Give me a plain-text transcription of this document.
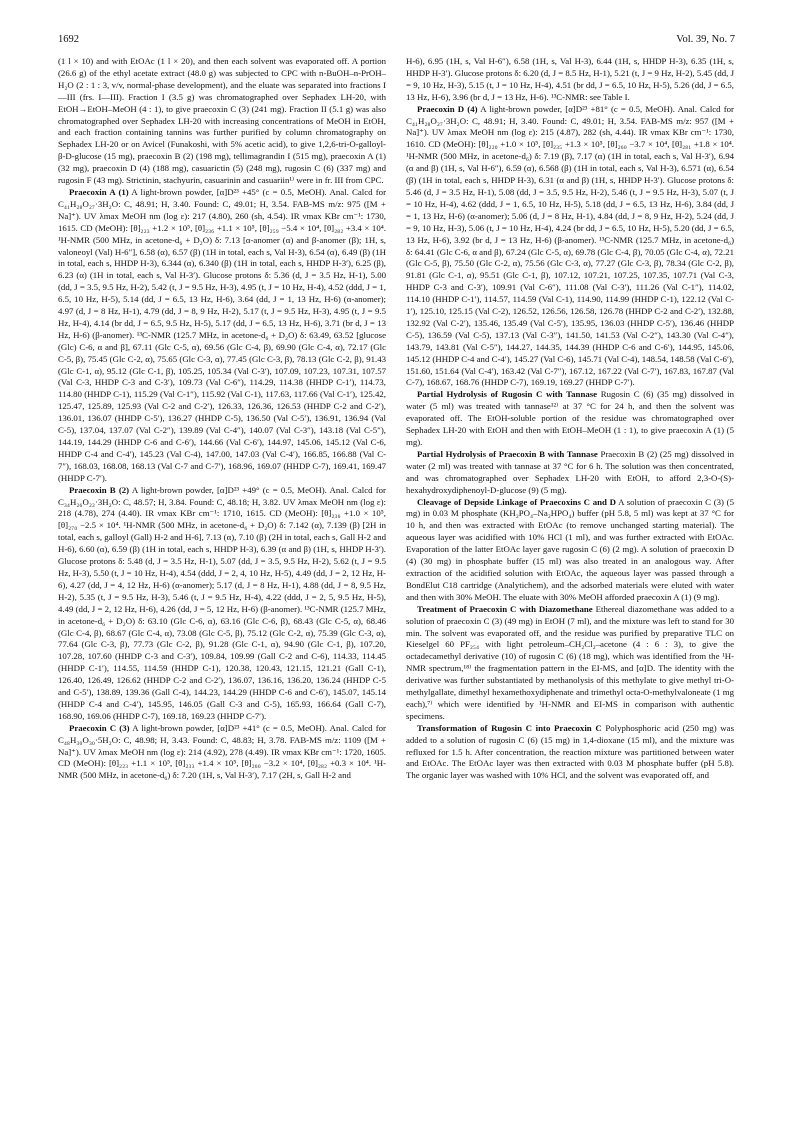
1692	Vol. 39, No. 7

(1 l × 10) and with EtOAc (1 l × 20), and then each solvent was evaporated off. A portion (26.6 g) of the ethyl acetate extract (48.0 g) was subjected to CPC with n-BuOH–n-PrOH–H₂O (2 : 1 : 3, v/v, normal-phase development), and the eluate was separated into fractions I—III (frs. I—III). Fraction I (3.5 g) was chromatographed over Sephadex LH-20, with EtOH→EtOH–MeOH (4 : 1), to give praecoxin C (3) (241 mg). Fraction II (5.1 g) was also chromatographed over Sephadex LH-20 with increasing concentrations of MeOH in EtOH, and each fraction containing tannins was further purified by column chromatography on Sephadex LH-20 or on Avicel (Funakoshi, with 5% acetic acid), to give 1,2,6-tri-O-galloyl-β-D-glucose (15 mg), praecoxin B (2) (198 mg), tellimagrandin I (515 mg), praecoxin A (1) (32 mg), praecoxin D (4) (188 mg), casuarictin (5) (248 mg), rugosin C (6) (337 mg) and rugosin F (43 mg). Strictinin, stachyurin, casuarinin and casuariin¹⁾ were in fr. III from CPC.

Praecoxin A (1) A light-brown powder, [α]D²³ +45° (c = 0.5, MeOH). Anal. Calcd for C₄₁H₂₈O₂₇·3H₂O: C, 48.91; H, 3.40. Found: C, 49.01; H, 3.54. FAB-MS m/z: 975 ([M + Na]⁺). UV λmax MeOH nm (log ε): 217 (4.80), 260 (sh, 4.54). IR νmax KBr cm⁻¹: 1730, 1615. CD (MeOH): [θ]₂₂₃ +1.2 × 10⁵, [θ]₂₃₆ +1.1 × 10⁵, [θ]₂₅₉ −5.4 × 10⁴, [θ]₂₈₂ +3.4 × 10⁴. ¹H-NMR (500 MHz, in acetone-d₆ + D₂O) δ: 7.13 [α-anomer (α) and β-anomer (β); 1H, s, valoneoyl (Val) H-6″], 6.58 (α), 6.57 (β) (1H in total, each s, Val H-3), 6.54 (α), 6.49 (β) (1H in total, each s, HHDP H-3), 6.344 (α), 6.340 (β) (1H in total, each s, HHDP H-3′), 6.25 (β), 6.23 (α) (1H in total, each s, Val H-3′). Glucose protons δ: 5.36 (d, J = 3.5 Hz, H-1), 5.00 (dd, J = 3.5, 9.5 Hz, H-2), 5.42 (t, J = 9.5 Hz, H-3), 4.95 (t, J = 10 Hz, H-4), 4.52 (ddd, J = 1, 6.5, 10 Hz, H-5), 5.14 (dd, J = 6.5, 13 Hz, H-6), 3.64 (dd, J = 1, 13 Hz, H-6) (α-anomer); 4.97 (d, J = 8 Hz, H-1), 4.79 (dd, J = 8, 9 Hz, H-2), 5.17 (t, J = 9.5 Hz, H-3), 4.95 (t, J = 9.5 Hz, H-4), 4.14 (br dd, J = 6.5, 9.5 Hz, H-5), 5.17 (dd, J = 6.5, 13 Hz, H-6), 3.71 (br d, J = 13 Hz, H-6) (β-anomer). ¹³C-NMR (125.7 MHz, in acetone-d₆ + D₂O) δ: 63.49, 63.52 [glucose (Glc) C-6, α and β], 67.11 (Glc C-5, α), 69.56 (Glc C-4, β), 69.90 (Glc C-4, α), 72.17 (Glc C-5, β), 75.45 (Glc C-2, α), 75.65 (Glc C-3, α), 77.45 (Glc C-3, β), 78.13 (Glc C-2, β), 91.43 (Glc C-1, α), 95.12 (Glc C-1, β), 105.25, 105.34 (Val C-3′), 107.09, 107.23, 107.31, 107.57 (Val C-3, HHDP C-3 and C-3′), 109.73 (Val C-6″), 114.29, 114.38 (HHDP C-1′), 114.73, 114.80 (HHDP C-1), 115.29 (Val C-1″), 115.92 (Val C-1), 117.63, 117.66 (Val C-1′), 125.42, 125.47, 125.89, 125.93 (Val C-2 and C-2′), 126.33, 126.36, 126.53 (HHDP C-2 and C-2′), 136.01, 136.07 (HHDP C-5′), 136.27 (HHDP C-5), 136.50 (Val C-5′), 136.91, 136.94 (Val C-5), 137.04, 137.07 (Val C-2″), 139.89 (Val C-4″), 140.07 (Val C-3″), 143.18 (Val C-5″), 144.19, 144.29 (HHDP C-6 and C-6′), 144.66 (Val C-6′), 144.97, 145.06, 145.12 (Val C-6, HHDP C-4 and C-4′), 145.23 (Val C-4), 147.00, 147.03 (Val C-4′), 166.85, 166.88 (Val C-7″), 168.03, 168.08, 168.13 (Val C-7 and C-7′), 168.96, 169.07 (HHDP C-7), 169.41, 169.47 (HHDP C-7′).

Praecoxin B (2) A light-brown powder, [α]D²³ +49° (c = 0.5, MeOH). Anal. Calcd for C₃₄H₂₆O₂₂·3H₂O: C, 48.57; H, 3.84. Found: C, 48.18; H, 3.82. UV λmax MeOH nm (log ε): 218 (4.78), 274 (4.40). IR νmax KBr cm⁻¹: 1710, 1615. CD (MeOH): [θ]₂₃₆ +1.0 × 10⁵, [θ]₂₇₀ −2.5 × 10⁴. ¹H-NMR (500 MHz, in acetone-d₆ + D₂O) δ: 7.142 (α), 7.139 (β) [2H in total, each s, galloyl (Gall) H-2 and H-6], 7.13 (α), 7.10 (β) (2H in total, each s, Gall H-2 and H-6), 6.60 (α), 6.59 (β) (1H in total, each s, HHDP H-3), 6.39 (α and β) (1H, s, HHDP H-3′). Glucose protons δ: 5.48 (d, J = 3.5 Hz, H-1), 5.07 (dd, J = 3.5, 9.5 Hz, H-2), 5.62 (t, J = 9.5 Hz, H-3), 5.50 (t, J = 10 Hz, H-4), 4.54 (ddd, J = 2, 4, 10 Hz, H-5), 4.49 (dd, J = 2, 12 Hz, H-6), 4.27 (dd, J = 4, 12 Hz, H-6) (α-anomer); 5.17 (d, J = 8 Hz, H-1), 4.88 (dd, J = 8, 9.5 Hz, H-2), 5.35 (t, J = 9.5 Hz, H-3), 5.46 (t, J = 9.5 Hz, H-4), 4.22 (ddd, J = 2, 5, 9.5 Hz, H-5), 4.49 (dd, J = 2, 12 Hz, H-6), 4.26 (dd, J = 5, 12 Hz, H-6) (β-anomer). ¹³C-NMR (125.7 MHz, in acetone-d₆ + D₂O) δ: 63.10 (Glc C-6, α), 63.16 (Glc C-6, β), 68.43 (Glc C-5, α), 68.46 (Glc C-4, β), 68.67 (Glc C-4, α), 73.08 (Glc C-5, β), 75.12 (Glc C-2, α), 75.39 (Glc C-3, α), 77.64 (Glc C-3, β), 77.73 (Glc C-2, β), 91.28 (Glc C-1, α), 94.90 (Glc C-1, β), 107.20, 107.28, 107.60 (HHDP C-3 and C-3′), 109.84, 109.99 (Gall C-2 and C-6), 114.33, 114.45 (HHDP C-1′), 114.55, 114.59 (HHDP C-1), 120.38, 120.43, 121.15, 121.21 (Gall C-1), 126.40, 126.49, 126.62 (HHDP C-2 and C-2′), 136.07, 136.16, 136.20, 136.24 (HHDP C-5 and C-5′), 138.89, 139.36 (Gall C-4), 144.23, 144.29 (HHDP C-6 and C-6′), 145.07, 145.14 (HHDP C-4 and C-4′), 145.95, 146.05 (Gall C-3 and C-5), 165.93, 166.64 (Gall C-7), 168.90, 169.06 (HHDP C-7), 169.18, 169.23 (HHDP C-7′).

Praecoxin C (3) A light-brown powder, [α]D²³ +41° (c = 0.5, MeOH). Anal. Calcd for C₄₈H₃₀O₃₀·5H₂O: C, 48.98; H, 3.43. Found: C, 48.83; H, 3.78. FAB-MS m/z: 1109 ([M + Na]⁺). UV λmax MeOH nm (log ε): 214 (4.92), 278 (4.49). IR νmax KBr cm⁻¹: 1720, 1605. CD (MeOH): [θ]₂₂₃ +1.1 × 10⁵, [θ]₂₃₃ +1.4 × 10⁵, [θ]₂₆₀ −3.2 × 10⁴, [θ]₂₈₂ +0.3 × 10⁴. ¹H-NMR (500 MHz, in acetone-d₆) δ: 7.20 (1H, s, Val H-3′), 7.17 (2H, s, Gall H-2 and

H-6), 6.95 (1H, s, Val H-6″), 6.58 (1H, s, Val H-3), 6.44 (1H, s, HHDP H-3), 6.35 (1H, s, HHDP H-3′). Glucose protons δ: 6.20 (d, J = 8.5 Hz, H-1), 5.21 (t, J = 9 Hz, H-2), 5.45 (dd, J = 9, 10 Hz, H-3), 5.15 (t, J = 10 Hz, H-4), 4.51 (br dd, J = 6.5, 10 Hz, H-5), 5.26 (dd, J = 6.5, 13 Hz, H-6), 3.96 (br d, J = 13 Hz, H-6). ¹³C-NMR: see Table I.

Praecoxin D (4) A light-brown powder, [α]D²³ +81° (c = 0.5, MeOH). Anal. Calcd for C₄₁H₂₈O₂₇·3H₂O: C, 48.91; H, 3.40. Found: C, 49.01; H, 3.54. FAB-MS m/z: 957 ([M + Na]⁺). UV λmax MeOH nm (log ε): 215 (4.87), 282 (sh, 4.44). IR νmax KBr cm⁻¹: 1730, 1610. CD (MeOH): [θ]₂₂₀ +1.0 × 10⁵, [θ]₂₃₅ +1.3 × 10⁵, [θ]₂₆₀ −3.7 × 10⁴, [θ]₂₈₁ +1.8 × 10⁴. ¹H-NMR (500 MHz, in acetone-d₆) δ: 7.19 (β), 7.17 (α) (1H in total, each s, Val H-3′), 6.94 (α and β) (1H, s, Val H-6″), 6.59 (α), 6.568 (β) (1H in total, each s, Val H-3), 6.571 (α), 6.54 (β) (1H in total, each s, HHDP H-3), 6.31 (α and β) (1H, s, HHDP H-3′). Glucose protons δ: 5.46 (d, J = 3.5 Hz, H-1), 5.08 (dd, J = 3.5, 9.5 Hz, H-2), 5.46 (t, J = 9.5 Hz, H-3), 5.07 (t, J = 10 Hz, H-4), 4.62 (ddd, J = 1, 6.5, 10 Hz, H-5), 5.18 (dd, J = 6.5, 13 Hz, H-6), 3.84 (dd, J = 1, 13 Hz, H-6) (α-anomer); 5.06 (d, J = 8 Hz, H-1), 4.84 (dd, J = 8, 9 Hz, H-2), 5.24 (dd, J = 9, 10 Hz, H-3), 5.06 (t, J = 10 Hz, H-4), 4.24 (br dd, J = 6.5, 10 Hz, H-5), 5.20 (dd, J = 6.5, 13 Hz, H-6), 3.92 (br d, J = 13 Hz, H-6) (β-anomer). ¹³C-NMR (125.7 MHz, in acetone-d₆) δ: 64.41 (Glc C-6, α and β), 67.24 (Glc C-5, α), 69.78 (Glc C-4, β), 70.05 (Glc C-4, α), 72.21 (Glc C-5, β), 75.50 (Glc C-2, α), 75.56 (Glc C-3, α), 77.27 (Glc C-3, β), 78.34 (Glc C-2, β), 91.81 (Glc C-1, α), 95.51 (Glc C-1, β), 107.12, 107.21, 107.25, 107.35, 107.71 (Val C-3, HHDP C-3 and C-3′), 109.91 (Val C-6″), 111.08 (Val C-3′), 111.26 (Val C-1″), 114.02, 114.10 (HHDP C-1′), 114.57, 114.59 (Val C-1), 114.90, 114.99 (HHDP C-1), 122.12 (Val C-1′), 125.10, 125.15 (Val C-2), 126.52, 126.56, 126.58, 126.78 (HHDP C-2 and C-2′), 132.88, 132.92 (Val C-2′), 135.46, 135.49 (Val C-5′), 135.95, 136.03 (HHDP C-5′), 136.46 (HHDP C-5), 136.59 (Val C-5), 137.13 (Val C-3″), 141.50, 141.53 (Val C-2″), 143.30 (Val C-4″), 143.79, 143.81 (Val C-5″), 144.27, 144.35, 144.39 (HHDP C-6 and C-6′), 144.95, 145.06, 145.12 (HHDP C-4 and C-4′), 145.27 (Val C-6), 145.71 (Val C-4), 148.54, 148.58 (Val C-6′), 151.60, 151.64 (Val C-4′), 163.42 (Val C-7″), 167.12, 167.22 (Val C-7′), 167.83, 167.87 (Val C-7), 168.67, 168.76 (HHDP C-7), 169.19, 169.27 (HHDP C-7′).

Partial Hydrolysis of Rugosin C with Tannase Rugosin C (6) (35 mg) dissolved in water (5 ml) was treated with tannase¹²⁾ at 37 °C for 24 h, and then the solvent was evaporated off. The EtOH-soluble portion of the residue was chromatographed over Sephadex LH-20 with EtOH and then with EtOH–MeOH (1 : 1), to give praecoxin A (1) (5 mg).

Partial Hydrolysis of Praecoxin B with Tannase Praecoxin B (2) (25 mg) dissolved in water (2 ml) was treated with tannase at 37 °C for 6 h. The solution was then concentrated, and was chromatographed over Sephadex LH-20 with EtOH, to afford 2,3-O-(S)-hexahydroxydiphenoyl-D-glucose (9) (5 mg).

Cleavage of Depside Linkage of Praecoxins C and D A solution of praecoxin C (3) (5 mg) in 0.03 M phosphate (KH₂PO₄–Na₂HPO₄) buffer (pH 5.8, 5 ml) was kept at 37 °C for 10 h, and then was extracted with EtOAc (to remove unchanged starting material). The aqueous layer was acidified with 10% HCl (1 ml), and was further extracted with EtOAc. Evaporation of the latter EtOAc layer gave rugosin C (6) (2 mg). A solution of praecoxin D (4) (30 mg) in phosphate buffer (15 ml) was also treated in an analogous way. After extraction of the acidified solution with EtOAc, the aqueous layer was passed through a BondElut C18 cartridge (Analytichem), and the adsorbed materials were eluted with water and then with 30% MeOH. The eluate with 30% MeOH afforded praecoxin A (1) (9 mg).

Treatment of Praecoxin C with Diazomethane Ethereal diazomethane was added to a solution of praecoxin C (3) (49 mg) in EtOH (7 ml), and the mixture was left to stand for 30 min. The solvent was evaporated off, and the residue was purified by preparative TLC on Kieselgel 60 PF₂₅₄ with light petroleum–CH₂Cl₂–acetone (4 : 6 : 3), to give the octadecamethyl derivative (10) of rugosin C (6) (18 mg), which was identified from the ¹H-NMR spectrum,¹⁸⁾ the fragmentation pattern in the EI-MS, and [α]D. The identity with the derivative was further substantiated by methanolysis of this methylate to give methyl tri-O-methylgallate, dimethyl hexamethoxydiphenate and trimethyl octa-O-methylvaloneate (1 mg each),⁷⁾ which were identified by ¹H-NMR and EI-MS in comparison with authentic specimens.

Transformation of Rugosin C into Praecoxin C Polyphosphoric acid (250 mg) was added to a solution of rugosin C (6) (15 mg) in 1,4-dioxane (15 ml), and the mixture was refluxed for 1.5 h. After concentration, the reaction mixture was partitioned between water and EtOAc. The EtOAc layer was then extracted with 0.03 M phosphate buffer (pH 5.8). The organic layer was washed with 10% HCl, and the solvent was evaporated off, and
